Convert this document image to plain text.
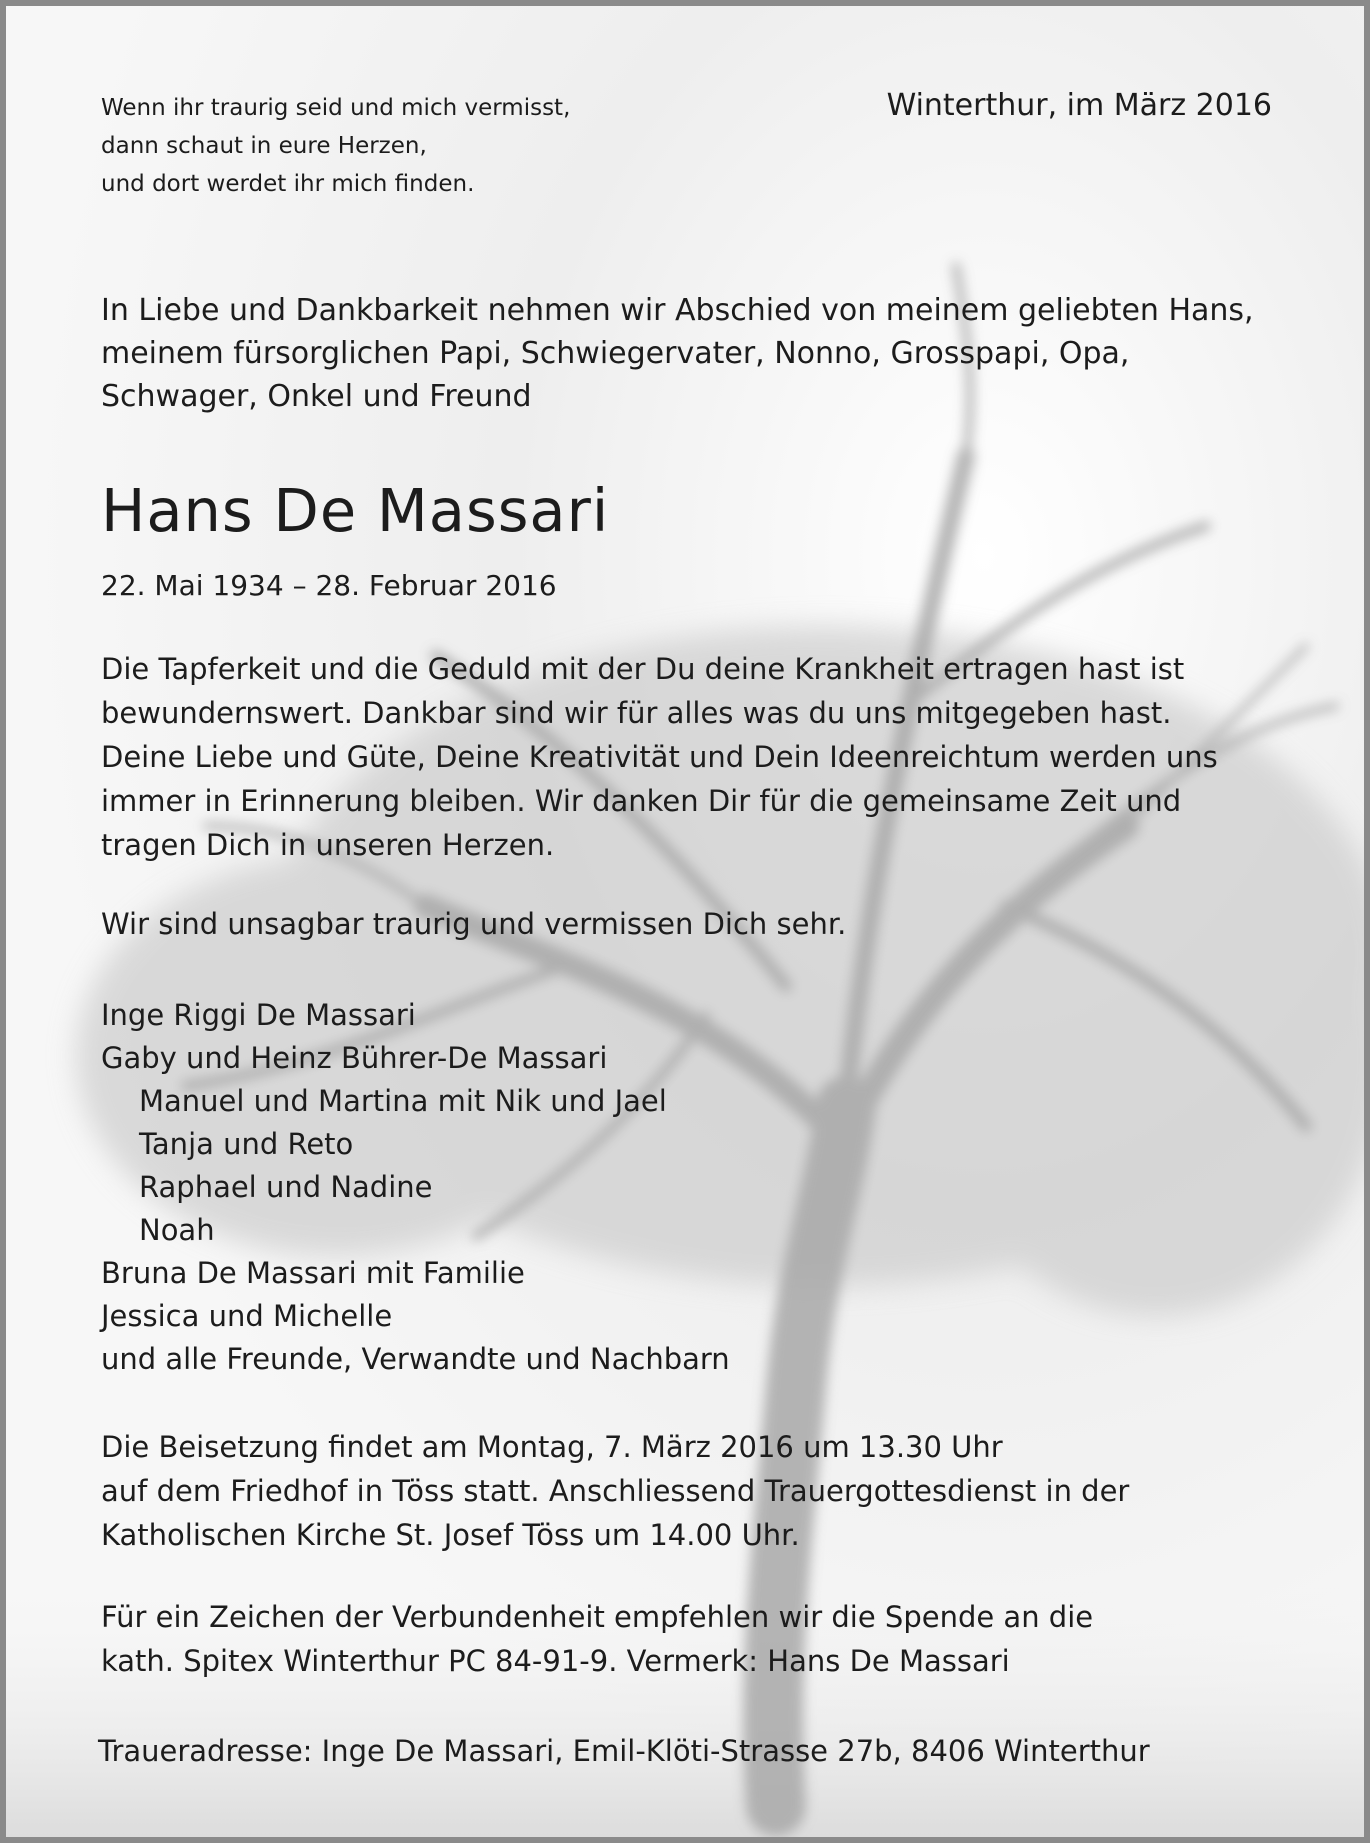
Wenn ihr traurig seid und mich vermisst,
dann schaut in eure Herzen,
und dort werdet ihr mich finden.
Winterthur, im März 2016
In Liebe und Dankbarkeit nehmen wir Abschied von meinem geliebten Hans,
meinem fürsorglichen Papi, Schwiegervater, Nonno, Grosspapi, Opa,
Schwager, Onkel und Freund
Hans De Massari
22. Mai 1934 – 28. Februar 2016
Die Tapferkeit und die Geduld mit der Du deine Krankheit ertragen hast ist
bewundernswert. Dankbar sind wir für alles was du uns mitgegeben hast.
Deine Liebe und Güte, Deine Kreativität und Dein Ideenreichtum werden uns
immer in Erinnerung bleiben. Wir danken Dir für die gemeinsame Zeit und
tragen Dich in unseren Herzen.
Wir sind unsagbar traurig und vermissen Dich sehr.
Inge Riggi De Massari
Gaby und Heinz Bührer-De Massari
Manuel und Martina mit Nik und Jael
Tanja und Reto
Raphael und Nadine
Noah
Bruna De Massari mit Familie
Jessica und Michelle
und alle Freunde, Verwandte und Nachbarn
Die Beisetzung findet am Montag, 7. März 2016 um 13.30 Uhr
auf dem Friedhof in Töss statt. Anschliessend Trauergottesdienst in der
Katholischen Kirche St. Josef Töss um 14.00 Uhr.
Für ein Zeichen der Verbundenheit empfehlen wir die Spende an die
kath. Spitex Winterthur PC 84-91-9. Vermerk: Hans De Massari
Traueradresse: Inge De Massari, Emil-Klöti-Strasse 27b, 8406 Winterthur
